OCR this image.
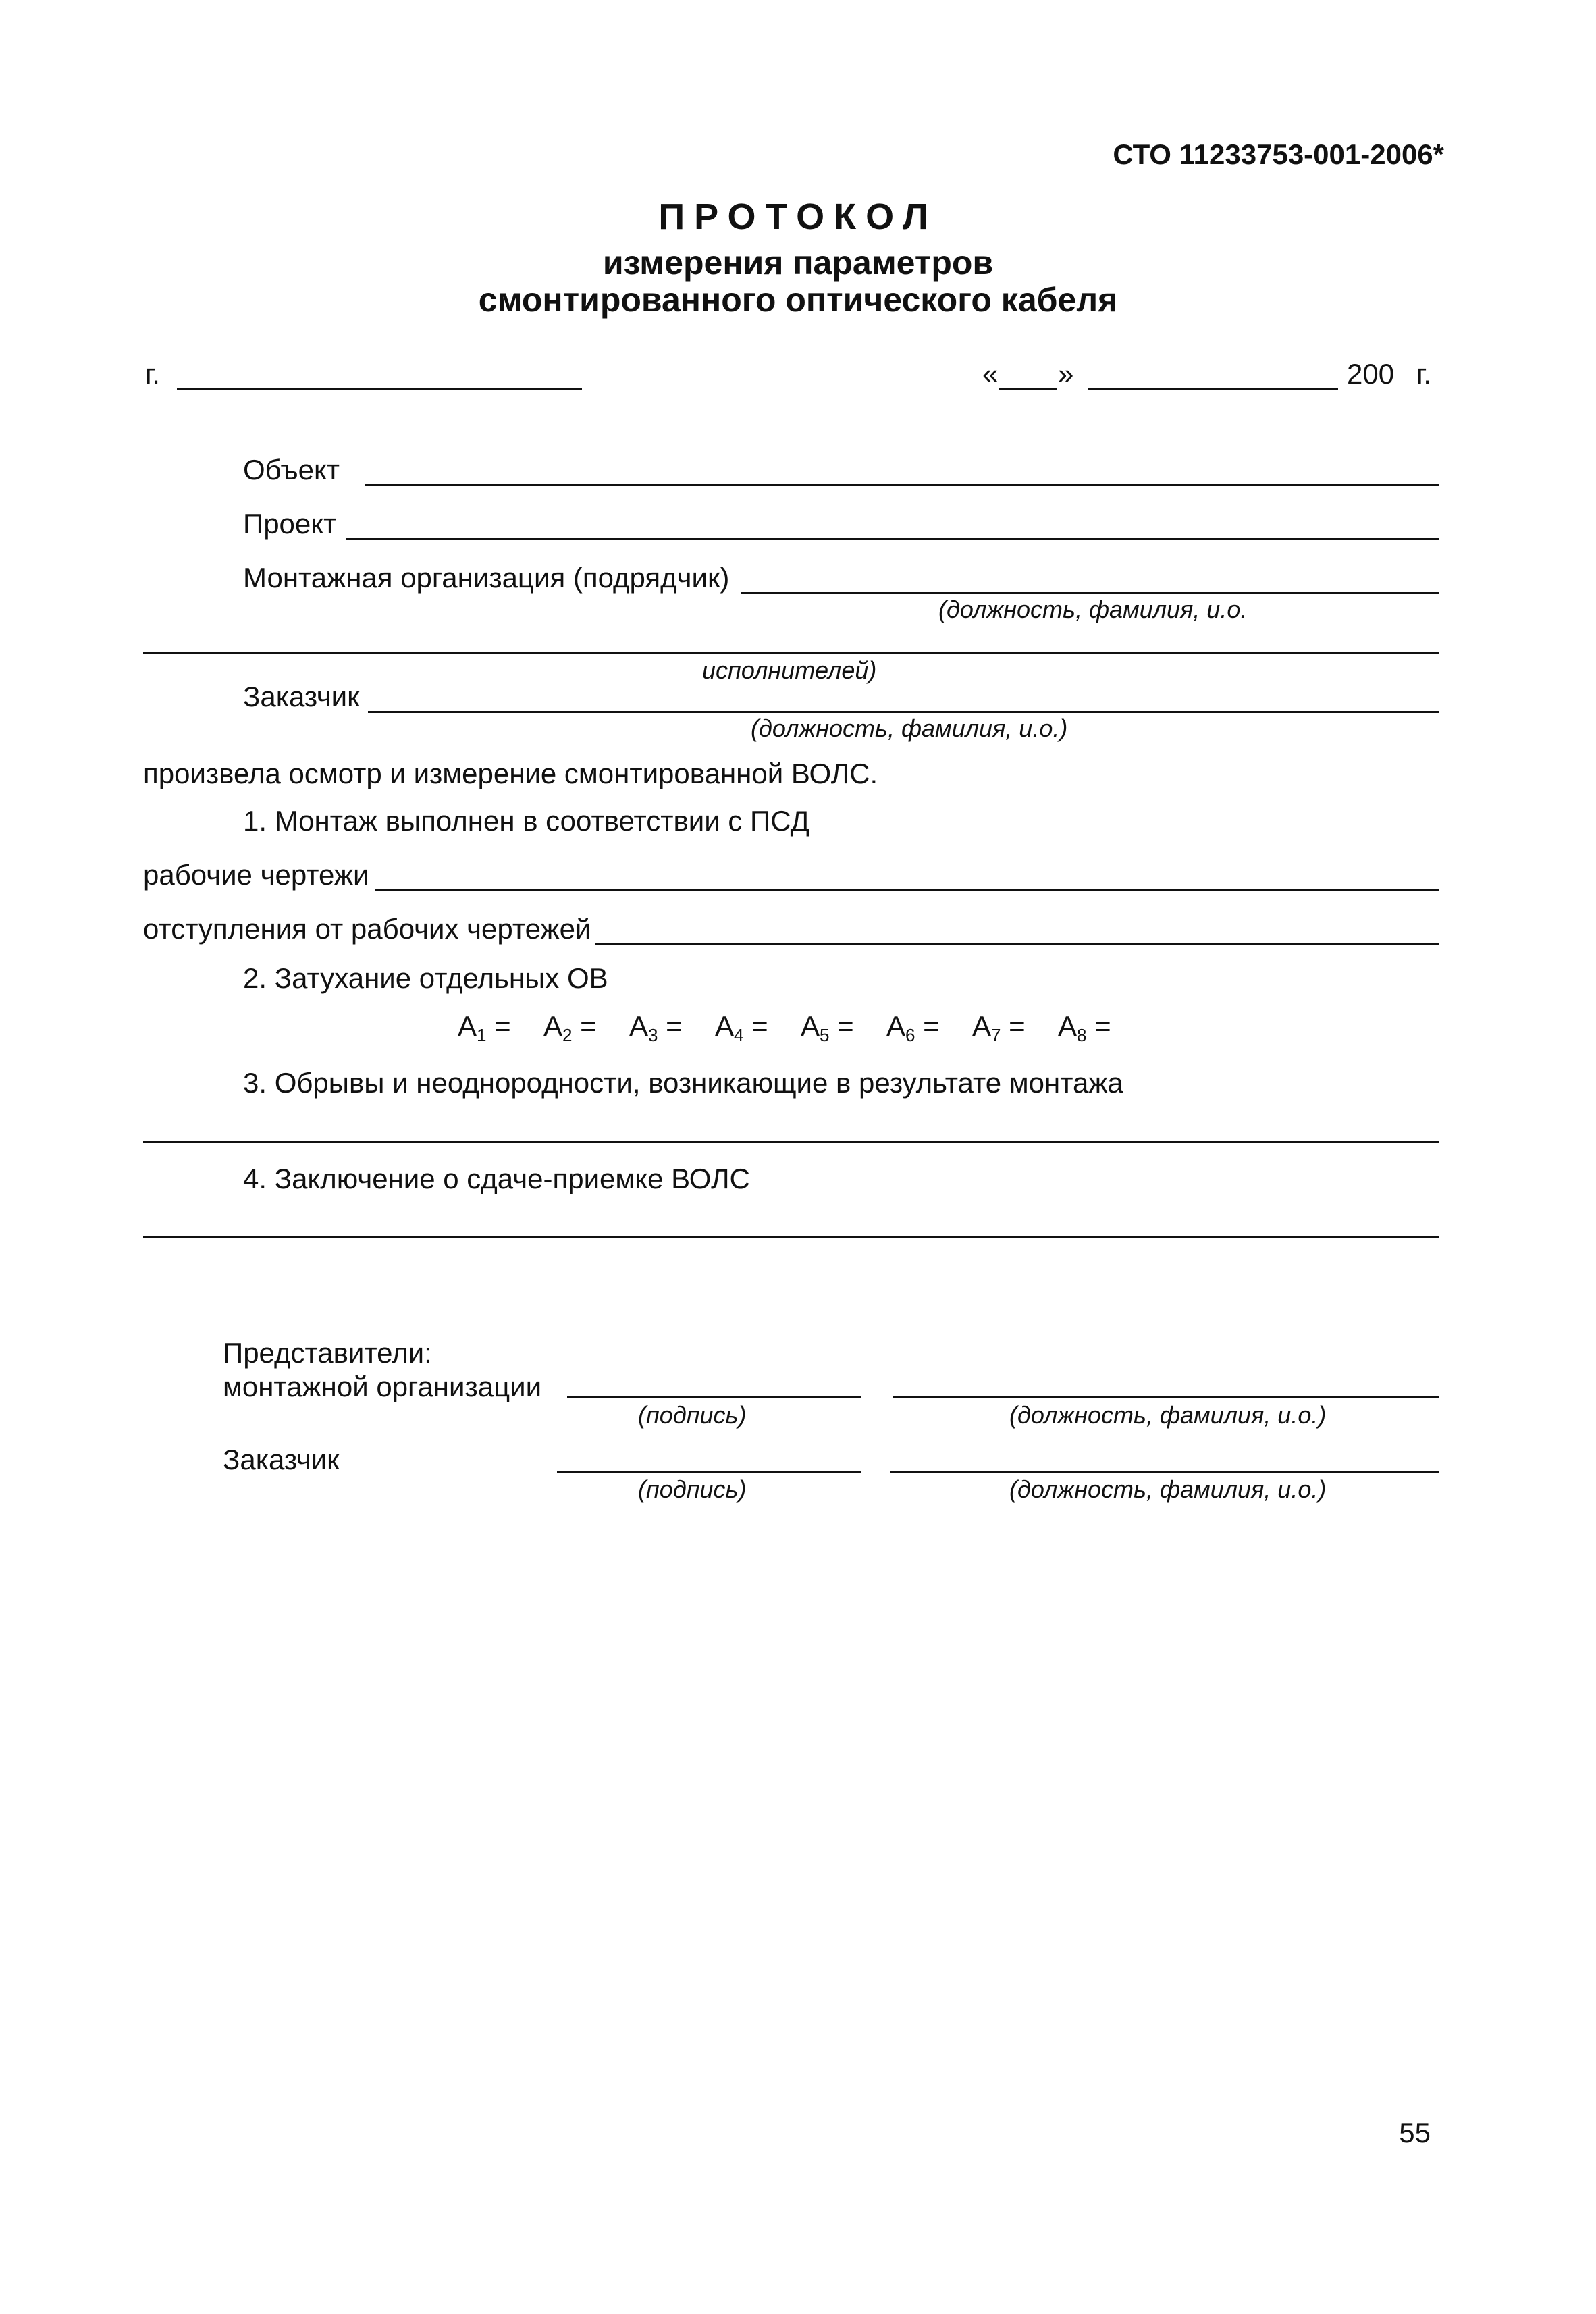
СТО 11233753-001-2006*
ПРОТОКОЛ
измерения параметров
смонтированного оптического кабеля
г.	« »	200 г.
Объект
Проект
Монтажная организация (подрядчик)
(должность, фамилия, и.о.
исполнителей)
Заказчик
(должность, фамилия, и.о.)
произвела осмотр и измерение смонтированной ВОЛС.
1. Монтаж выполнен в соответствии с ПСД
рабочие чертежи
отступления от рабочих чертежей
2. Затухание отдельных ОВ
$A_1 = A_2 = A_3 = A_4 = A_5 = A_6 = A_7 = A_8$ =
3. Обрывы и неоднородности, возникающие в результате монтажа
4. Заключение о сдаче-приемке ВОЛС
Представители:
монтажной организации
(подпись)	(должность, фамилия, и.о.)
Заказчик
(подпись)	(должность, фамилия, и.о.)
55
